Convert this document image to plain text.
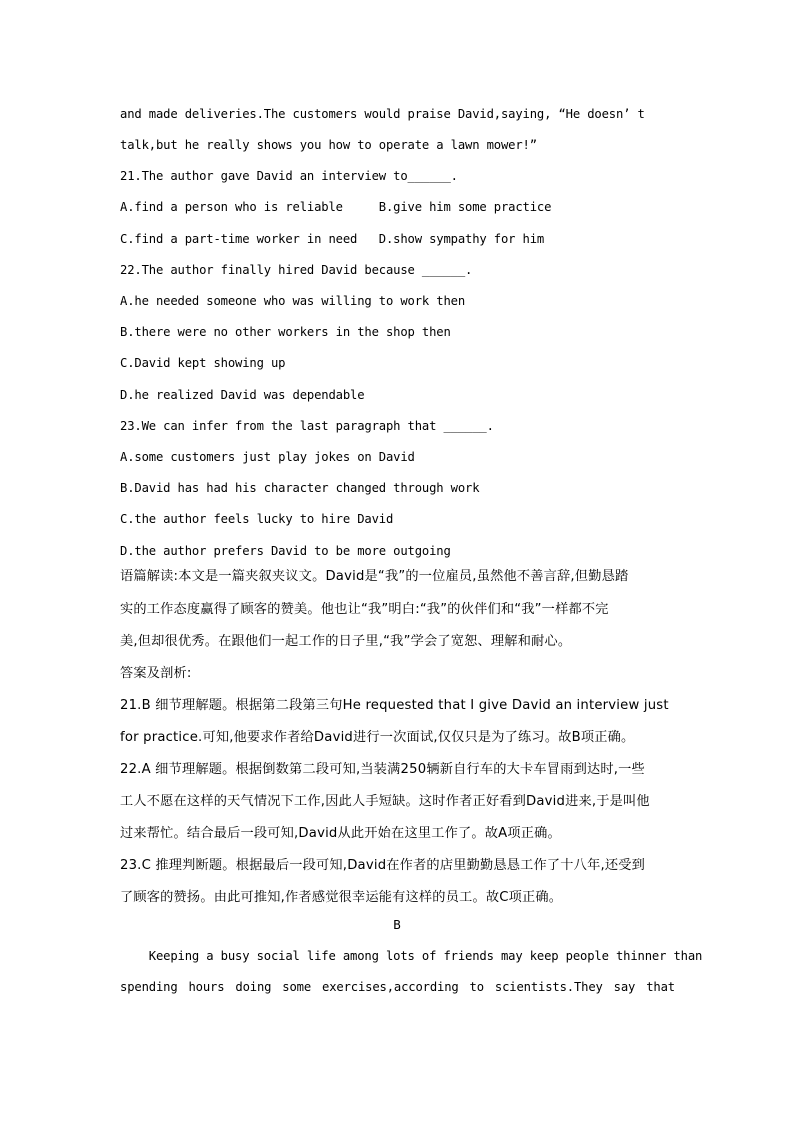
and made deliveries.The customers would praise David,saying, “He doesn’ t
talk,but he really shows you how to operate a lawn mower!”
21.The author gave David an interview to______.
A.find a person who is reliable     B.give him some practice
C.find a part-time worker in need   D.show sympathy for him
22.The author finally hired David because ______.
A.he needed someone who was willing to work then
B.there were no other workers in the shop then
C.David kept showing up
D.he realized David was dependable
23.We can infer from the last paragraph that ______.
A.some customers just play jokes on David
B.David has had his character changed through work
C.the author feels lucky to hire David
D.the author prefers David to be more outgoing
语篇解读:本文是一篇夹叙夹议文。David是“我”的一位雇员,虽然他不善言辞,但勤恳踏
实的工作态度赢得了顾客的赞美。他也让“我”明白:“我”的伙伴们和“我”一样都不完
美,但却很优秀。在跟他们一起工作的日子里,“我”学会了宽恕、理解和耐心。
答案及剖析:
21.B 细节理解题。根据第二段第三句He requested that I give David an interview just
for practice.可知,他要求作者给David进行一次面试,仅仅只是为了练习。故B项正确。
22.A 细节理解题。根据倒数第二段可知,当装满250辆新自行车的大卡车冒雨到达时,一些
工人不愿在这样的天气情况下工作,因此人手短缺。这时作者正好看到David进来,于是叫他
过来帮忙。结合最后一段可知,David从此开始在这里工作了。故A项正确。
23.C 推理判断题。根据最后一段可知,David在作者的店里勤勤恳恳工作了十八年,还受到
了顾客的赞扬。由此可推知,作者感觉很幸运能有这样的员工。故C项正确。
B
Keeping a busy social life among lots of friends may keep people thinner than
spending hours doing some exercises,according to scientists.They say that
